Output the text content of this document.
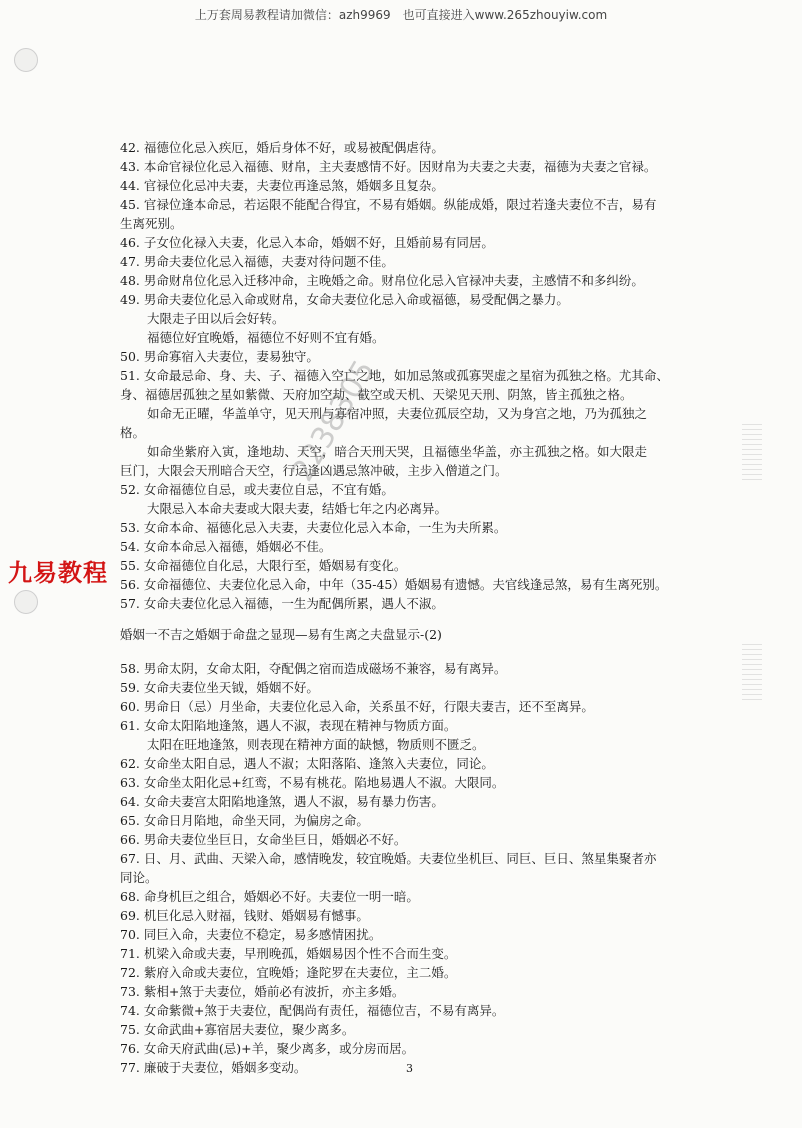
上万套周易教程请加微信：azh9969　也可直接进入www.265zhouyiw.com
42. 福德位化忌入疾厄，婚后身体不好，或易被配偶虐待。
43. 本命官禄位化忌入福德、财帛，主夫妻感情不好。因财帛为夫妻之夫妻，福德为夫妻之官禄。
44. 官禄位化忌冲夫妻，夫妻位再逢忌煞，婚姻多且复杂。
45. 官禄位逢本命忌，若运限不能配合得宜，不易有婚姻。纵能成婚，限过若逢夫妻位不吉，易有
生离死别。
46. 子女位化禄入夫妻，化忌入本命，婚姻不好，且婚前易有同居。
47. 男命夫妻位化忌入福德，夫妻对待问题不佳。
48. 男命财帛位化忌入迁移冲命，主晚婚之命。财帛位化忌入官禄冲夫妻，主感情不和多纠纷。
49. 男命夫妻位化忌入命或财帛，女命夫妻位化忌入命或福德，易受配偶之暴力。
大限走子田以后会好转。
福德位好宜晚婚，福德位不好则不宜有婚。
50. 男命寡宿入夫妻位，妻易独守。
51. 女命最忌命、身、夫、子、福德入空亡之地，如加忌煞或孤寡哭虚之星宿为孤独之格。尤其命、
身、福德居孤独之星如紫微、天府加空劫、截空或天机、天梁见天刑、阴煞，皆主孤独之格。
如命无正曜，华盖单守，见天刑与寡宿冲照，夫妻位孤辰空劫，又为身宫之地，乃为孤独之
格。
如命坐紫府入寅，逢地劫、天空，暗合天刑天哭，且福德坐华盖，亦主孤独之格。如大限走
巨门，大限会天刑暗合天空，行运逢凶遇忌煞冲破，主步入僧道之门。
52. 女命福德位自忌，或夫妻位自忌，不宜有婚。
大限忌入本命夫妻或大限夫妻，结婚七年之内必离异。
53. 女命本命、福德化忌入夫妻，夫妻位化忌入本命，一生为夫所累。
54. 女命本命忌入福德，婚姻必不佳。
55. 女命福德位自化忌，大限行至，婚姻易有变化。
56. 女命福德位、夫妻位化忌入命，中年（35-45）婚姻易有遗憾。夫官线逢忌煞，易有生离死别。
57. 女命夫妻位化忌入福德，一生为配偶所累，遇人不淑。
婚姻一不吉之婚姻于命盘之显现—易有生离之夫盘显示-(2)
58. 男命太阴，女命太阳，夺配偶之宿而造成磁场不兼容，易有离异。
59. 女命夫妻位坐天钺，婚姻不好。
60. 男命日（忌）月坐命，夫妻位化忌入命，关系虽不好，行限夫妻吉，还不至离异。
61. 女命太阳陷地逢煞，遇人不淑，表现在精神与物质方面。
太阳在旺地逢煞，则表现在精神方面的缺憾，物质则不匮乏。
62. 女命坐太阳自忌，遇人不淑；太阳落陷、逢煞入夫妻位，同论。
63. 女命坐太阳化忌+红鸾，不易有桃花。陷地易遇人不淑。大限同。
64. 女命夫妻宫太阳陷地逢煞，遇人不淑，易有暴力伤害。
65. 女命日月陷地，命坐天同，为偏房之命。
66. 男命夫妻位坐巨日，女命坐巨日，婚姻必不好。
67. 日、月、武曲、天梁入命，感情晚发，较宜晚婚。夫妻位坐机巨、同巨、巨日、煞星集聚者亦
同论。
68. 命身机巨之组合，婚姻必不好。夫妻位一明一暗。
69. 机巨化忌入财福，钱财、婚姻易有憾事。
70. 同巨入命，夫妻位不稳定，易多感情困扰。
71. 机梁入命或夫妻，早刑晚孤，婚姻易因个性不合而生变。
72. 紫府入命或夫妻位，宜晚婚；逢陀罗在夫妻位，主二婚。
73. 紫相+煞于夫妻位，婚前必有波折，亦主多婚。
74. 女命紫微+煞于夫妻位，配偶尚有责任，福德位吉，不易有离异。
75. 女命武曲+寡宿居夫妻位，聚少离多。
76. 女命天府武曲(忌)+羊，聚少离多，或分房而居。
77. 廉破于夫妻位，婚姻多变动。
九易教程
2238305
3
